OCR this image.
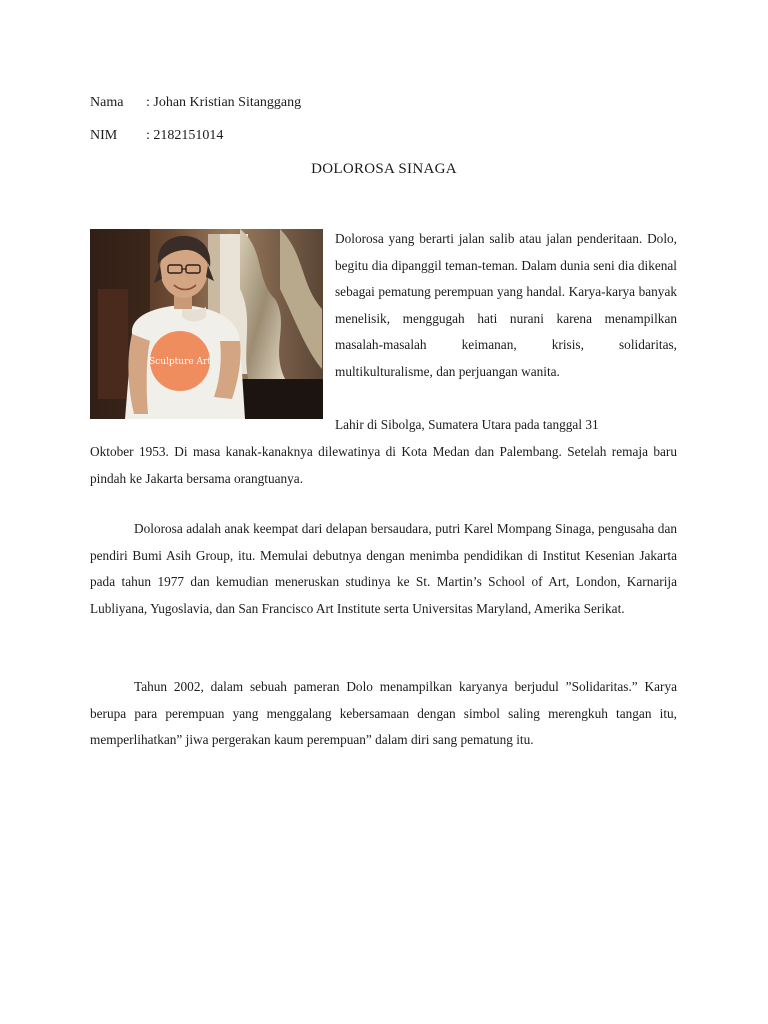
Nama : Johan Kristian Sitanggang
NIM : 2182151014
DOLOROSA SINAGA
Sculpture Art

Dolorosa yang berarti jalan salib atau jalan penderitaan. Dolo, begitu dia dipanggil teman-teman. Dalam dunia seni dia dikenal sebagai pematung perempuan yang handal. Karya-karya banyak menelisik, menggugah hati nurani karena menampilkan masalah-masalah keimanan, krisis, solidaritas, multikulturalisme, dan perjuangan wanita.

Lahir di Sibolga, Sumatera Utara pada tanggal 31

Oktober 1953. Di masa kanak-kanaknya dilewatinya di Kota Medan dan Palembang. Setelah remaja baru pindah ke Jakarta bersama orangtuanya.

Dolorosa adalah anak keempat dari delapan bersaudara, putri Karel Mompang Sinaga, pengusaha dan pendiri Bumi Asih Group, itu. Memulai debutnya dengan menimba pendidikan di Institut Kesenian Jakarta pada tahun 1977 dan kemudian meneruskan studinya ke St. Martin’s School of Art, London, Karnarija Lubliyana, Yugoslavia, dan San Francisco Art Institute serta Universitas Maryland, Amerika Serikat.

Tahun 2002, dalam sebuah pameran Dolo menampilkan karyanya berjudul ”Solidaritas.” Karya berupa para perempuan yang menggalang kebersamaan dengan simbol saling merengkuh tangan itu, memperlihatkan” jiwa pergerakan kaum perempuan” dalam diri sang pematung itu.
